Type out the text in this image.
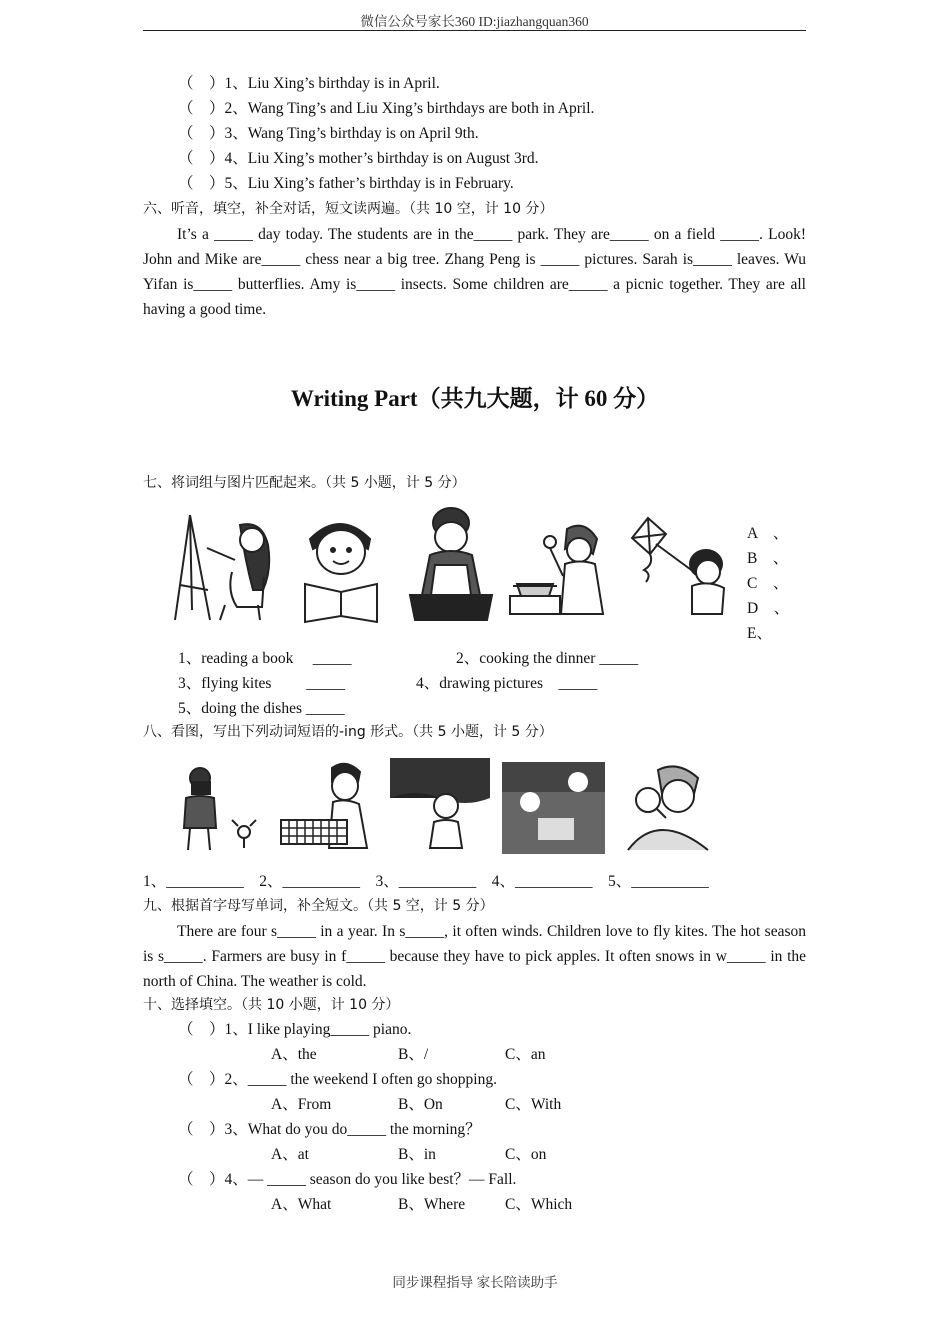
微信公众号家长360 ID:jiazhangquan360
（　）1、Liu Xing’s birthday is in April.
（　）2、Wang Ting’s and Liu Xing’s birthdays are both in April.
（　）3、Wang Ting’s birthday is on April 9th.
（　）4、Liu Xing’s mother’s birthday is on August 3rd.
（　）5、Liu Xing’s father’s birthday is in February.
六、听音，填空，补全对话，短文读两遍。（共 10 空，计 10 分）

It’s a _____ day today. The students are in the_____ park. They are_____ on a field _____. Look! John and Mike are_____ chess near a big tree. Zhang Peng is _____ pictures. Sarah is_____ leaves. Wu Yifan is_____ butterflies. Amy is_____ insects. Some children are_____ a picnic together. They are all having a good time.

Writing Part（共九大题，计 60 分）
七、将词组与图片匹配起来。（共 5 小题，计 5 分）
A　、
B　、
C　、
D　、
E、
1、reading a book　 _____	2、cooking the dinner _____
3、flying kites　　 _____	4、drawing pictures　_____
5、doing the dishes _____
八、看图，写出下列动词短语的-ing 形式。（共 5 小题，计 5 分）
1、__________　2、__________　3、__________　4、__________　5、__________
九、根据首字母写单词，补全短文。（共 5 空，计 5 分）

There are four s_____ in a year. In s_____, it often winds. Children love to fly kites. The hot season is s_____. Farmers are busy in f_____ because they have to pick apples. It often snows in w_____ in the north of China. The weather is cold.

十、选择填空。（共 10 小题，计 10 分）
（　）1、I like playing_____ piano.
A、the	B、/	C、an
（　）2、_____ the weekend I often go shopping.
A、From	B、On	C、With
（　）3、What do you do_____ the morning？
A、at	B、in	C、on
（　）4、— _____ season do you like best？— Fall.
A、What	B、Where	C、Which
同步课程指导 家长陪读助手
